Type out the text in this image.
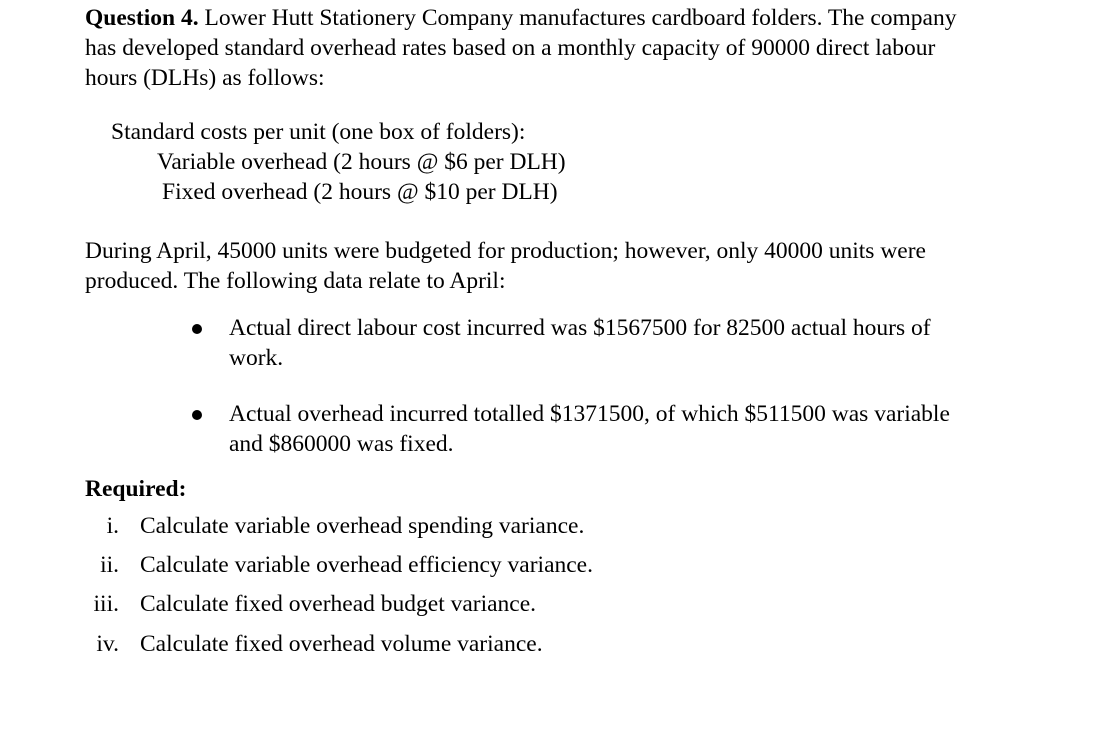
Question 4. Lower Hutt Stationery Company manufactures cardboard folders. The company
has developed standard overhead rates based on a monthly capacity of 90000 direct labour
hours (DLHs) as follows:
Standard costs per unit (one box of folders):
Variable overhead (2 hours @ $6 per DLH)
Fixed overhead (2 hours @ $10 per DLH)
During April, 45000 units were budgeted for production; however, only 40000 units were
produced. The following data relate to April:
Actual direct labour cost incurred was $1567500 for 82500 actual hours of
work.
Actual overhead incurred totalled $1371500, of which $511500 was variable
and $860000 was fixed.
Required:
i. Calculate variable overhead spending variance.
ii. Calculate variable overhead efficiency variance.
iii. Calculate fixed overhead budget variance.
iv. Calculate fixed overhead volume variance.
